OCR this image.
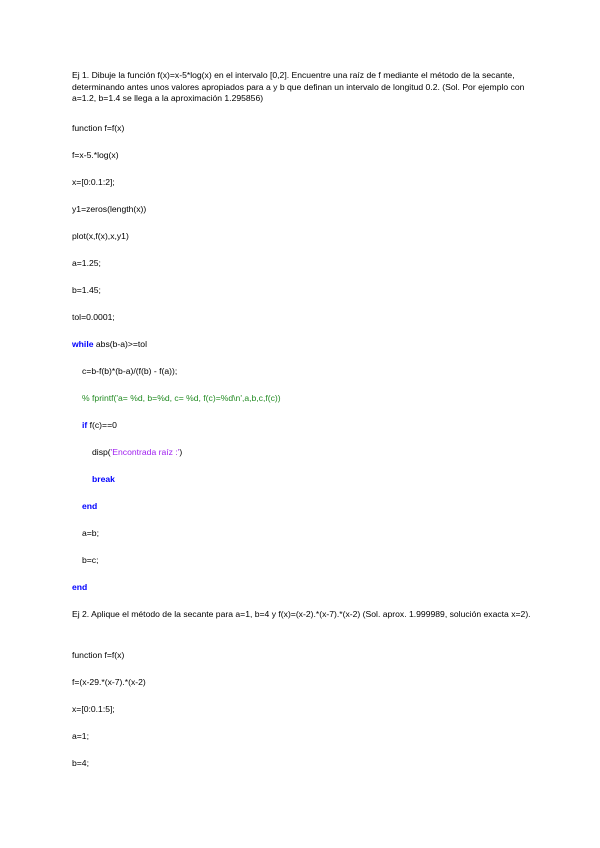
Ej 1. Dibuje la función f(x)=x-5*log(x) en el intervalo [0,2]. Encuentre una raíz de f mediante el método de la secante, determinando antes unos valores apropiados para a y b que definan un intervalo de longitud 0.2. (Sol. Por ejemplo con a=1.2, b=1.4 se llega a la aproximación 1.295856)
function f=f(x)
f=x-5.*log(x)
x=[0:0.1:2];
y1=zeros(length(x))
plot(x,f(x),x,y1)
a=1.25;
b=1.45;
tol=0.0001;
while abs(b-a)>=tol
c=b-f(b)*(b-a)/(f(b) - f(a));
% fprintf('a= %d, b=%d, c= %d, f(c)=%d\n',a,b,c,f(c))
if f(c)==0
disp('Encontrada raíz :')
break
end
a=b;
b=c;
end
Ej 2. Aplique el método de la secante para a=1, b=4 y f(x)=(x-2).*(x-7).*(x-2) (Sol. aprox. 1.999989, solución exacta x=2).
function f=f(x)
f=(x-29.*(x-7).*(x-2)
x=[0:0.1:5];
a=1;
b=4;
